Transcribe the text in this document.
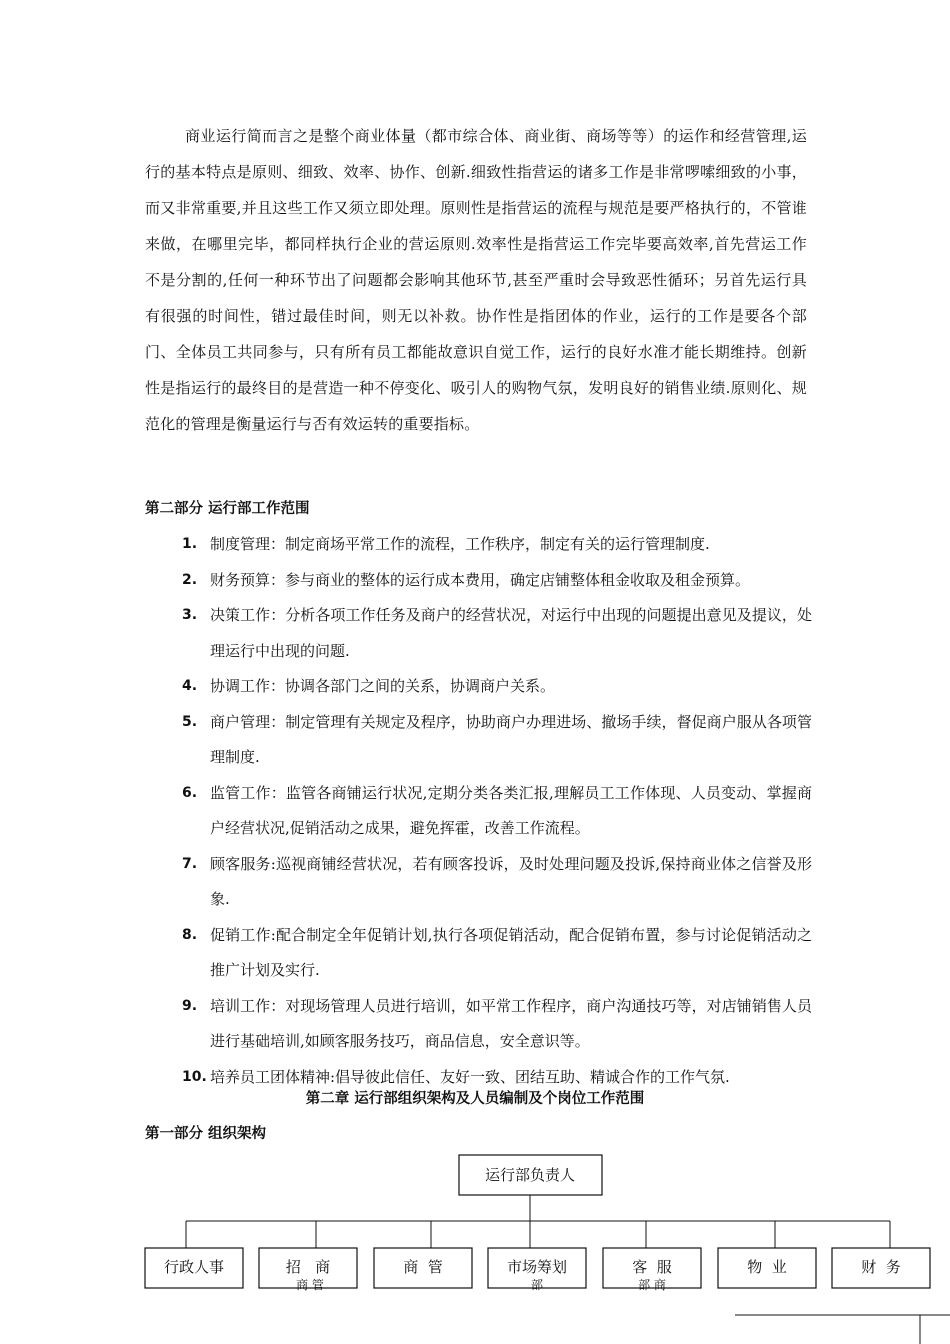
商业运行简而言之是整个商业体量（都市综合体、商业街、商场等等）的运作和经营管理,运行的基本特点是原则、细致、效率、协作、创新.细致性指营运的诸多工作是非常啰嗦细致的小事，而又非常重要,并且这些工作又须立即处理。原则性是指营运的流程与规范是要严格执行的，不管谁来做，在哪里完毕，都同样执行企业的营运原则.效率性是指营运工作完毕要高效率,首先营运工作不是分割的,任何一种环节出了问题都会影响其他环节,甚至严重时会导致恶性循环；另首先运行具有很强的时间性，错过最佳时间，则无以补救。协作性是指团体的作业，运行的工作是要各个部门、全体员工共同参与，只有所有员工都能故意识自觉工作，运行的良好水准才能长期维持。创新性是指运行的最终目的是营造一种不停变化、吸引人的购物气氛，发明良好的销售业绩.原则化、规范化的管理是衡量运行与否有效运转的重要指标。

第二部分 运行部工作范围
1. 制度管理：制定商场平常工作的流程，工作秩序，制定有关的运行管理制度.
2. 财务预算：参与商业的整体的运行成本费用，确定店铺整体租金收取及租金预算。
3. 决策工作：分析各项工作任务及商户的经营状况，对运行中出现的问题提出意见及提议，处理运行中出现的问题.
4. 协调工作：协调各部门之间的关系，协调商户关系。
5. 商户管理：制定管理有关规定及程序，协助商户办理进场、撤场手续，督促商户服从各项管理制度.
6. 监管工作：监管各商铺运行状况,定期分类各类汇报,理解员工工作体现、人员变动、掌握商户经营状况,促销活动之成果，避免挥霍，改善工作流程。
7. 顾客服务:巡视商铺经营状况，若有顾客投诉，及时处理问题及投诉,保持商业体之信誉及形象.
8. 促销工作:配合制定全年促销计划,执行各项促销活动，配合促销布置，参与讨论促销活动之推广计划及实行.
9. 培训工作：对现场管理人员进行培训，如平常工作程序，商户沟通技巧等，对店铺销售人员进行基础培训,如顾客服务技巧，商品信息，安全意识等。
10. 培养员工团体精神:倡导彼此信任、友好一致、团结互助、精诚合作的工作气氛.
第二章 运行部组织架构及人员编制及个岗位工作范围
第一部分 组织架构
运行部负责人
行政人事	招   商
商 管
商  管	市场筹划
部
客  服
部 商
物  业	财  务
